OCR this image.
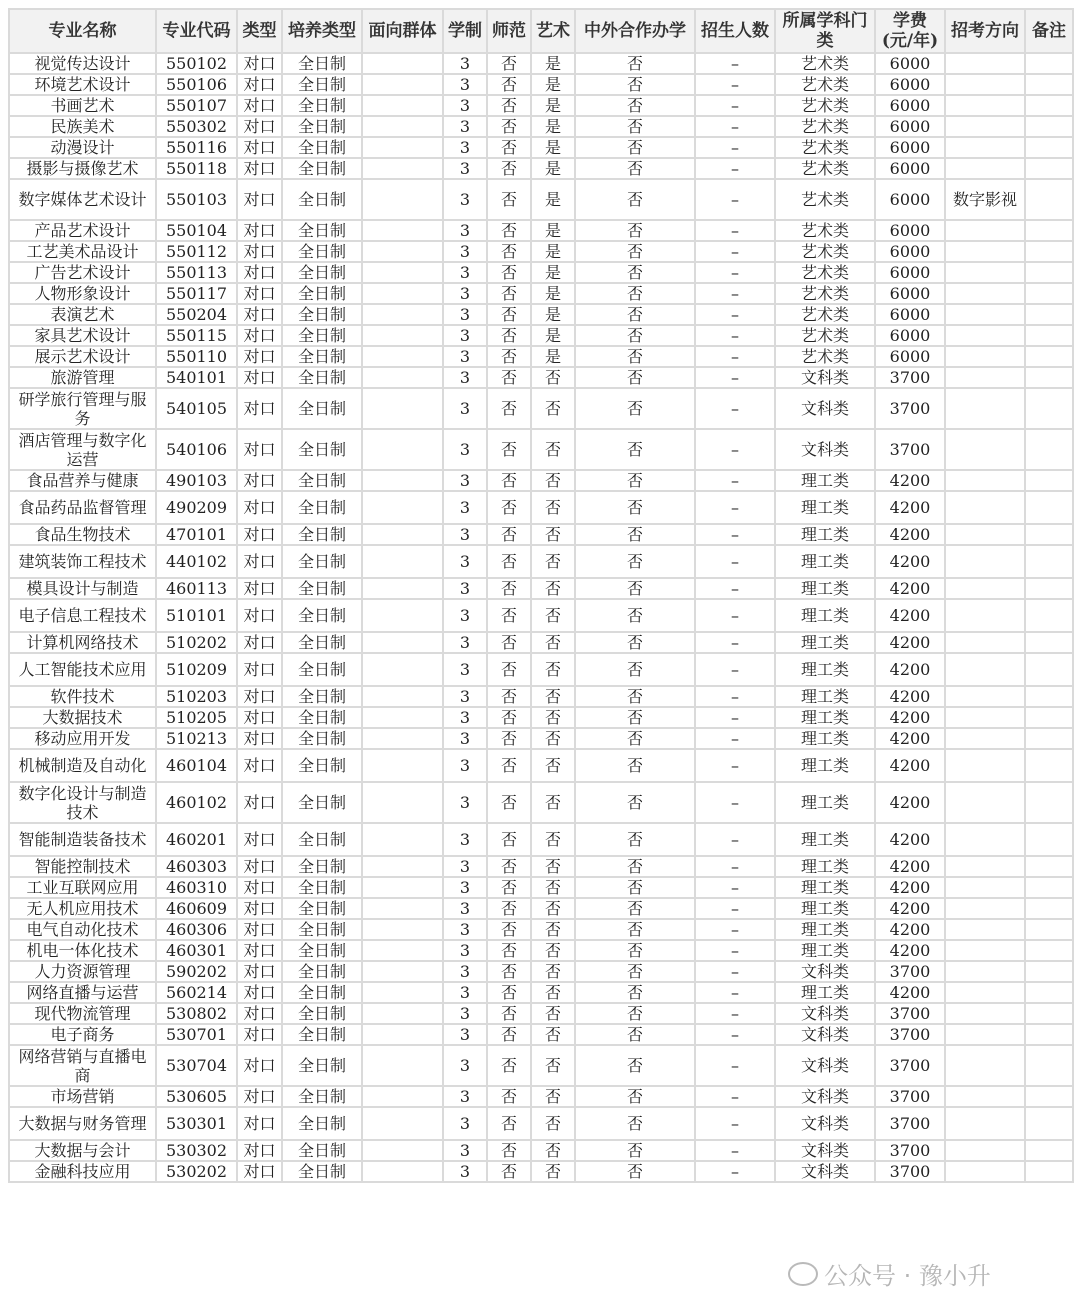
专业名称	专业代码	类型	培养类型	面向群体	学制	师范	艺术	中外合作办学	招生人数	所属学科门类	学费(元/年)	招考方向	备注
视觉传达设计	550102	对口	全日制		3	否	是	否	–	艺术类	6000		
环境艺术设计	550106	对口	全日制		3	否	是	否	–	艺术类	6000		
书画艺术	550107	对口	全日制		3	否	是	否	–	艺术类	6000		
民族美术	550302	对口	全日制		3	否	是	否	–	艺术类	6000		
动漫设计	550116	对口	全日制		3	否	是	否	–	艺术类	6000		
摄影与摄像艺术	550118	对口	全日制		3	否	是	否	–	艺术类	6000		
数字媒体艺术设计	550103	对口	全日制		3	否	是	否	–	艺术类	6000	数字影视	
产品艺术设计	550104	对口	全日制		3	否	是	否	–	艺术类	6000		
工艺美术品设计	550112	对口	全日制		3	否	是	否	–	艺术类	6000		
广告艺术设计	550113	对口	全日制		3	否	是	否	–	艺术类	6000		
人物形象设计	550117	对口	全日制		3	否	是	否	–	艺术类	6000		
表演艺术	550204	对口	全日制		3	否	是	否	–	艺术类	6000		
家具艺术设计	550115	对口	全日制		3	否	是	否	–	艺术类	6000		
展示艺术设计	550110	对口	全日制		3	否	是	否	–	艺术类	6000		
旅游管理	540101	对口	全日制		3	否	否	否	–	文科类	3700		
研学旅行管理与服务	540105	对口	全日制		3	否	否	否	–	文科类	3700		
酒店管理与数字化运营	540106	对口	全日制		3	否	否	否	–	文科类	3700		
食品营养与健康	490103	对口	全日制		3	否	否	否	–	理工类	4200		
食品药品监督管理	490209	对口	全日制		3	否	否	否	–	理工类	4200		
食品生物技术	470101	对口	全日制		3	否	否	否	–	理工类	4200		
建筑装饰工程技术	440102	对口	全日制		3	否	否	否	–	理工类	4200		
模具设计与制造	460113	对口	全日制		3	否	否	否	–	理工类	4200		
电子信息工程技术	510101	对口	全日制		3	否	否	否	–	理工类	4200		
计算机网络技术	510202	对口	全日制		3	否	否	否	–	理工类	4200		
人工智能技术应用	510209	对口	全日制		3	否	否	否	–	理工类	4200		
软件技术	510203	对口	全日制		3	否	否	否	–	理工类	4200		
大数据技术	510205	对口	全日制		3	否	否	否	–	理工类	4200		
移动应用开发	510213	对口	全日制		3	否	否	否	–	理工类	4200		
机械制造及自动化	460104	对口	全日制		3	否	否	否	–	理工类	4200		
数字化设计与制造技术	460102	对口	全日制		3	否	否	否	–	理工类	4200		
智能制造装备技术	460201	对口	全日制		3	否	否	否	–	理工类	4200		
智能控制技术	460303	对口	全日制		3	否	否	否	–	理工类	4200		
工业互联网应用	460310	对口	全日制		3	否	否	否	–	理工类	4200		
无人机应用技术	460609	对口	全日制		3	否	否	否	–	理工类	4200		
电气自动化技术	460306	对口	全日制		3	否	否	否	–	理工类	4200		
机电一体化技术	460301	对口	全日制		3	否	否	否	–	理工类	4200		
人力资源管理	590202	对口	全日制		3	否	否	否	–	文科类	3700		
网络直播与运营	560214	对口	全日制		3	否	否	否	–	理工类	4200		
现代物流管理	530802	对口	全日制		3	否	否	否	–	文科类	3700		
电子商务	530701	对口	全日制		3	否	否	否	–	文科类	3700		
网络营销与直播电商	530704	对口	全日制		3	否	否	否	–	文科类	3700		
市场营销	530605	对口	全日制		3	否	否	否	–	文科类	3700		
大数据与财务管理	530301	对口	全日制		3	否	否	否	–	文科类	3700		
大数据与会计	530302	对口	全日制		3	否	否	否	–	文科类	3700		
金融科技应用	530202	对口	全日制		3	否	否	否	–	文科类	3700		
公众号 · 豫小升
